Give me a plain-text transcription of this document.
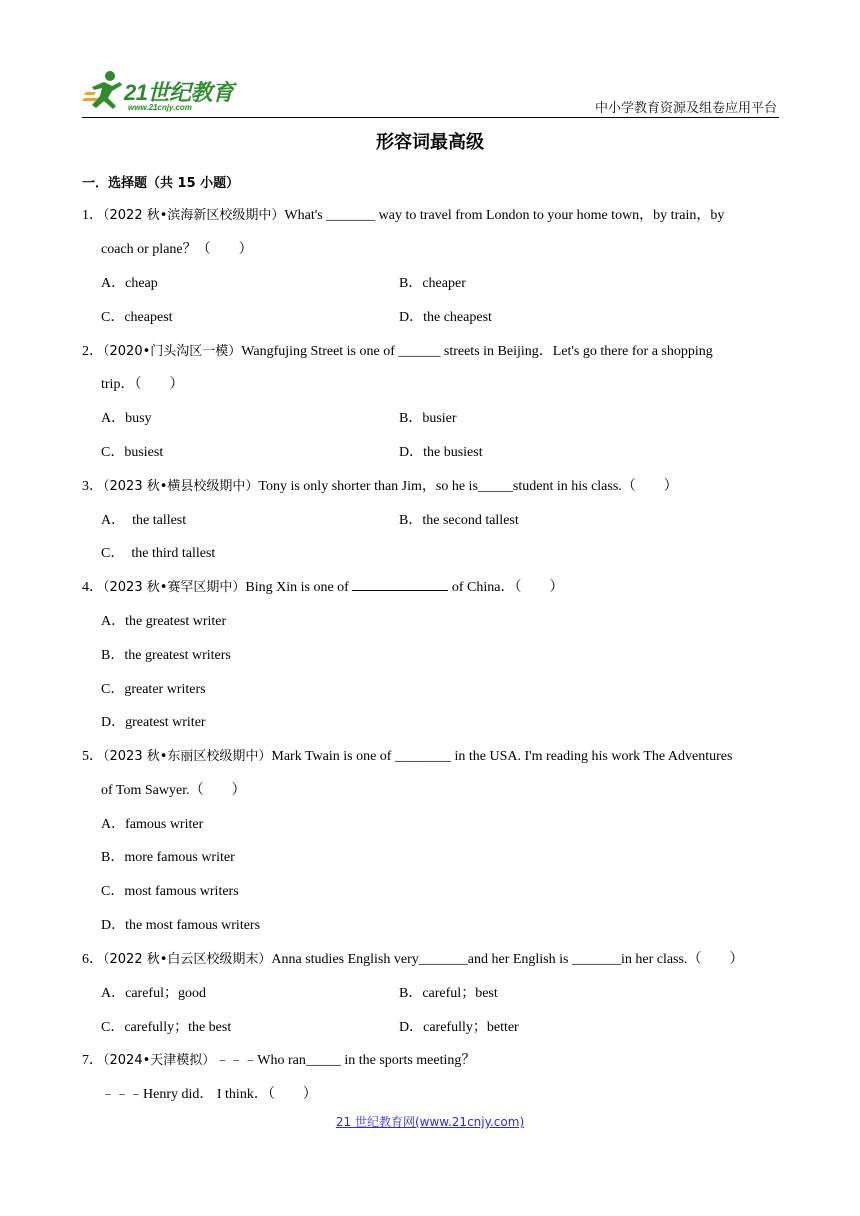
21世纪教育
www.21cnjy.com	中小学教育资源及组卷应用平台
形容词最高级
一．选择题（共 15 小题）
1．（2022 秋•滨海新区校级期中）What's _______ way to travel from London to your home town，by train，by
coach or plane？（　　）
A．cheap	B．cheaper
C．cheapest	D．the cheapest
2．（2020•门头沟区一模）Wangfujing Street is one of ______ streets in Beijing．Let's go there for a shopping
trip．（　　）
A．busy	B．busier
C．busiest	D．the busiest
3．（2023 秋•横县校级期中）Tony is only shorter than Jim，so he is_____student in his class.（　　）
A．　the tallest	B．the second tallest
C．　the third tallest
4．（2023 秋•赛罕区期中）Bing Xin is one of	of China．（　　）
A．the greatest writer
B．the greatest writers
C．greater writers
D．greatest writer
5．（2023 秋•东丽区校级期中）Mark Twain is one of ________ in the USA. I'm reading his work The Adventures
of Tom Sawyer.（　　）
A．famous writer
B．more famous writer
C．most famous writers
D．the most famous writers
6．（2022 秋•白云区校级期末）Anna studies English very_______and her English is _______in her class.（　　）
A．careful；good	B．careful；best
C．carefully；the best	D．carefully；better
7．（2024•天津模拟）﹣﹣﹣Who ran_____ in the sports meeting？
﹣﹣﹣Henry did． I think．（　　）
21 世纪教育网(www.21cnjy.com)
